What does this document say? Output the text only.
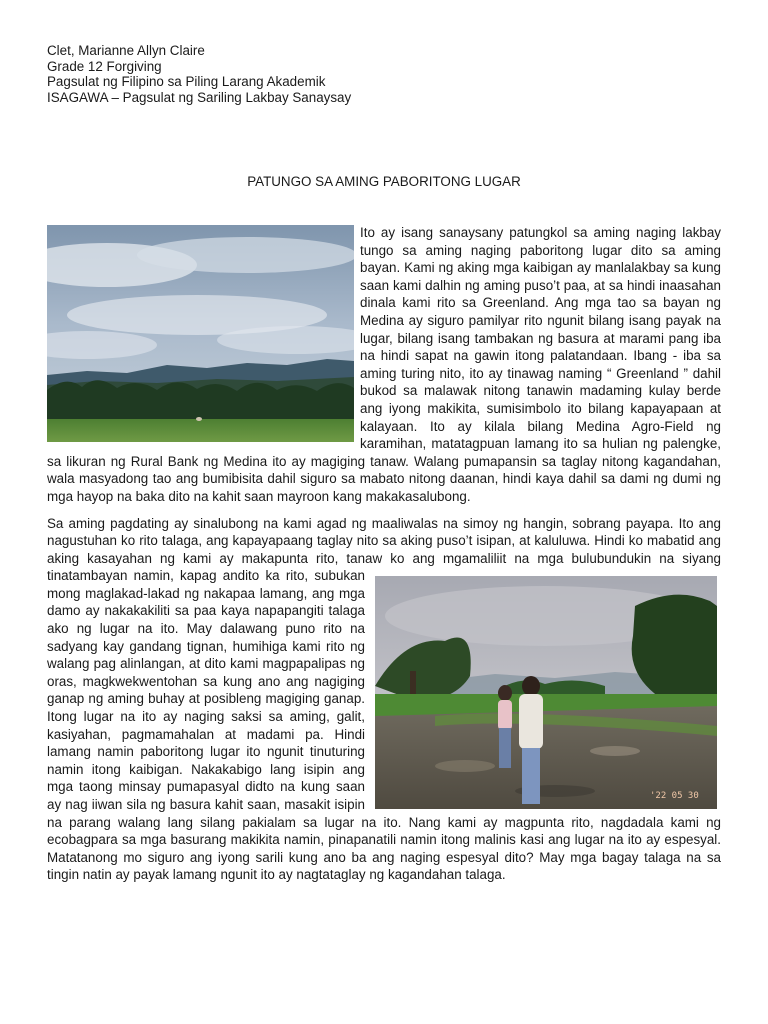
Clet, Marianne Allyn Claire
Grade 12 Forgiving
Pagsulat ng Filipino sa Piling Larang Akademik
ISAGAWA – Pagsulat ng Sariling Lakbay Sanaysay
PATUNGO SA AMING PABORITONG LUGAR

Ito ay isang sanaysany patungkol sa aming naging lakbay tungo sa aming naging paboritong lugar dito sa aming bayan. Kami ng aking mga kaibigan ay manlalakbay sa kung saan kami dalhin ng aming puso’t paa, at sa hindi inaasahan dinala kami rito sa Greenland. Ang mga tao sa bayan ng Medina ay siguro pamilyar rito ngunit bilang isang payak na lugar, bilang isang tambakan ng basura at marami pang iba na hindi sapat na gawin itong palatandaan. Ibang - iba sa aming turing nito, ito ay tinawag naming “ Greenland ” dahil bukod sa malawak nitong tanawin madaming kulay berde ang iyong makikita, sumisimbolo ito bilang kapayapaan at kalayaan. Ito ay kilala bilang Medina Agro-Field ng karamihan, matatagpuan lamang ito sa hulian ng palengke, sa likuran ng Rural Bank ng Medina ito ay magiging tanaw. Walang pumapansin sa taglay nitong kagandahan, wala masyadong tao ang bumibisita dahil siguro sa mabato nitong daanan, hindi kaya dahil sa dami ng dumi ng mga hayop na baka dito na kahit saan mayroon kang makakasalubong.

Sa aming pagdating ay sinalubong na kami agad ng maaliwalas na simoy ng hangin, sobrang payapa. Ito ang nagustuhan ko rito talaga, ang kapayapaang taglay nito sa aking puso’t isipan, at kaluluwa. Hindi ko mabatid ang aking kasayahan ng kami ay makapunta rito, tanaw ko ang mga
'22 05 30
maliliit na mga bulubundukin na siyang tinatambayan namin, kapag andito ka rito, subukan mong maglakad-lakad ng nakapaa lamang, ang mga damo ay nakakakiliti sa paa kaya napapangiti talaga ako ng lugar na ito. May dalawang puno rito na sadyang kay gandang tignan, humihiga kami rito ng walang pag alinlangan, at dito kami magpapalipas ng oras, magkwekwentohan sa kung ano ang nagiging ganap ng aming buhay at posibleng magiging ganap. Itong lugar na ito ay naging saksi sa aming, galit, kasiyahan, pagmamahalan at madami pa. Hindi lamang namin paboritong lugar ito ngunit tinuturing namin itong kaibigan. Nakakabigo lang isipin ang mga taong minsay pumapasyal didto na kung saan ay nag iiwan sila ng basura kahit saan, masakit isipin na parang walang lang silang pakialam sa lugar na ito. Nang kami ay magpunta rito, nagdadala kami ng ecobagpara sa mga basurang makikita namin, pinapanatili namin itong malinis kasi ang lugar na ito ay espesyal. Matatanong mo siguro ang iyong sarili kung ano ba ang naging espesyal dito? May mga bagay talaga na sa tingin natin ay payak lamang ngunit ito ay nagtataglay ng kagandahan talaga.
